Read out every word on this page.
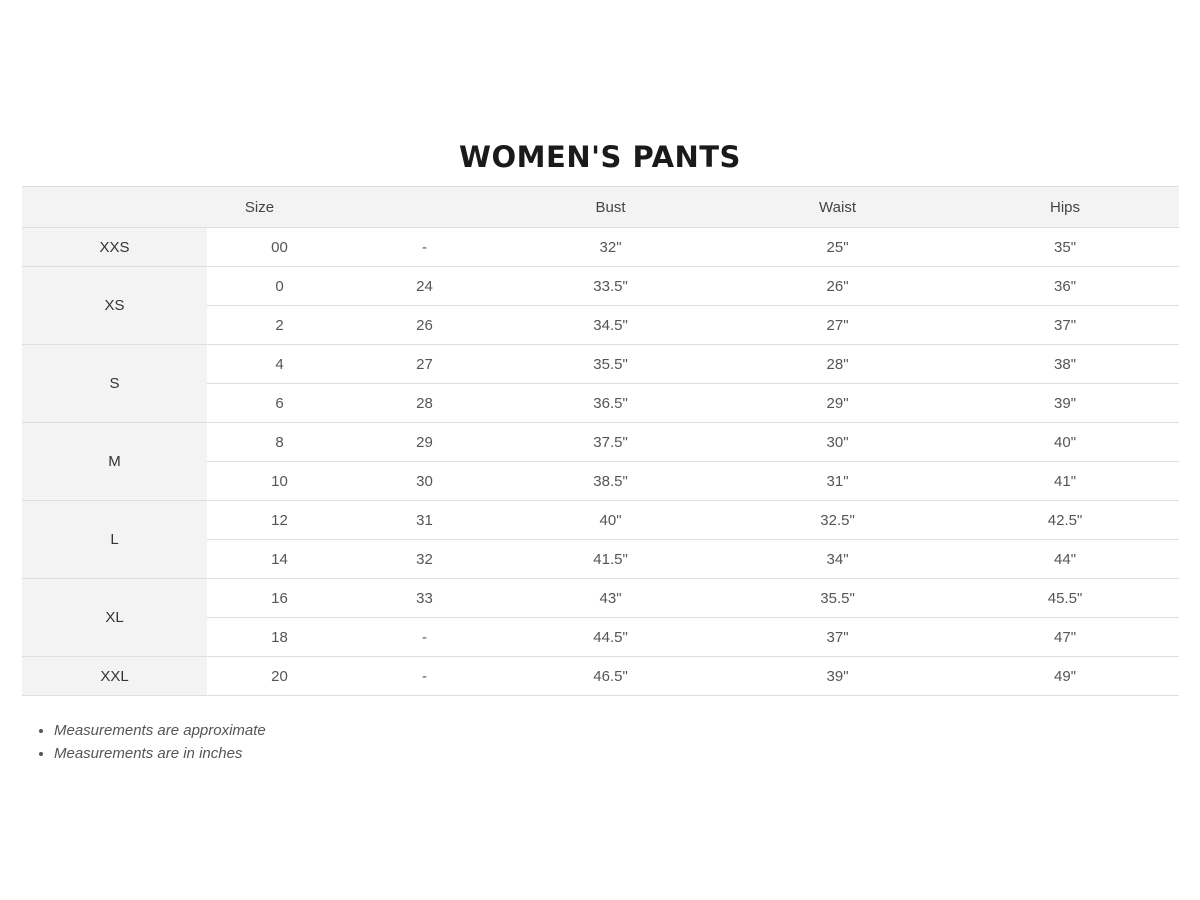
WOMEN'S PANTS
Size			Bust	Waist	Hips
XXS	00	-	32"	25"	35"
XS	0	24	33.5"	26"	36"
	2	26	34.5"	27"	37"
S	4	27	35.5"	28"	38"
	6	28	36.5"	29"	39"
M	8	29	37.5"	30"	40"
	10	30	38.5"	31"	41"
L	12	31	40"	32.5"	42.5"
	14	32	41.5"	34"	44"
XL	16	33	43"	35.5"	45.5"
	18	-	44.5"	37"	47"
XXL	20	-	46.5"	39"	49"
• Measurements are approximate
• Measurements are in inches
